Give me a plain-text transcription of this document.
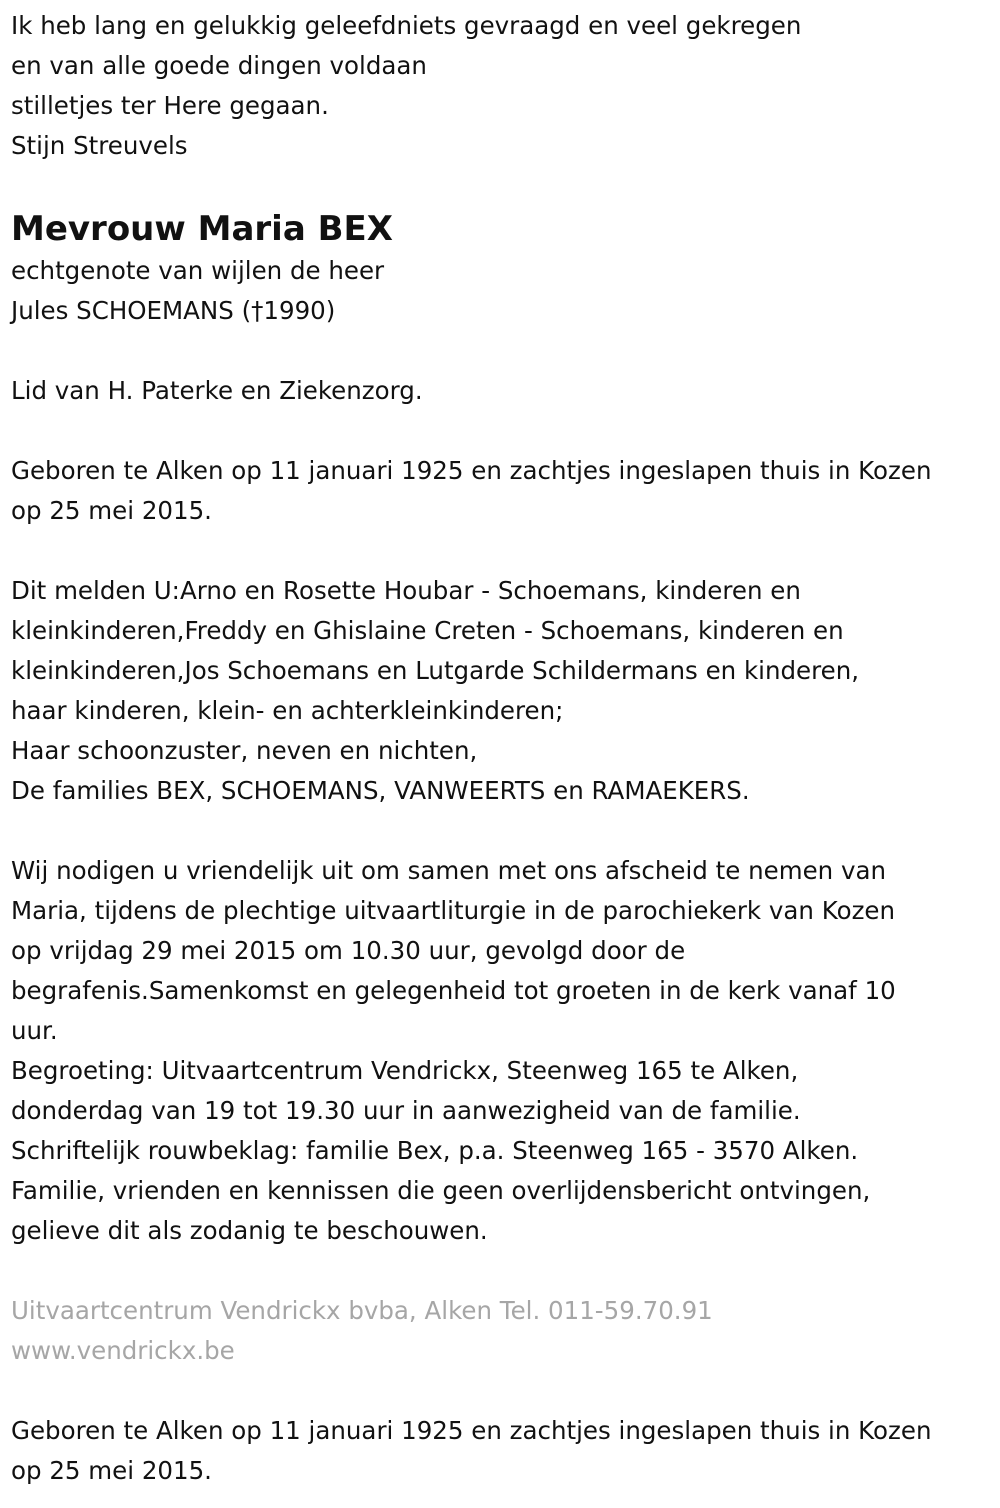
Ik heb lang en gelukkig geleefdniets gevraagd en veel gekregen
en van alle goede dingen voldaan
stilletjes ter Here gegaan.
Stijn Streuvels
Mevrouw Maria BEX
echtgenote van wijlen de heer
Jules SCHOEMANS (†1990)
Lid van H. Paterke en Ziekenzorg.
Geboren te Alken op 11 januari 1925 en zachtjes ingeslapen thuis in Kozen
op 25 mei 2015.
Dit melden U:Arno en Rosette Houbar - Schoemans, kinderen en
kleinkinderen,Freddy en Ghislaine Creten - Schoemans, kinderen en
kleinkinderen,Jos Schoemans en Lutgarde Schildermans en kinderen,
haar kinderen, klein- en achterkleinkinderen;
Haar schoonzuster, neven en nichten,
De families BEX, SCHOEMANS, VANWEERTS en RAMAEKERS.
Wij nodigen u vriendelijk uit om samen met ons afscheid te nemen van
Maria, tijdens de plechtige uitvaartliturgie in de parochiekerk van Kozen
op vrijdag 29 mei 2015 om 10.30 uur, gevolgd door de
begrafenis.Samenkomst en gelegenheid tot groeten in de kerk vanaf 10
uur.
Begroeting: Uitvaartcentrum Vendrickx, Steenweg 165 te Alken,
donderdag van 19 tot 19.30 uur in aanwezigheid van de familie.
Schriftelijk rouwbeklag: familie Bex, p.a. Steenweg 165 - 3570 Alken.
Familie, vrienden en kennissen die geen overlijdensbericht ontvingen,
gelieve dit als zodanig te beschouwen.
Uitvaartcentrum Vendrickx bvba, Alken Tel. 011-59.70.91
www.vendrickx.be
Geboren te Alken op 11 januari 1925 en zachtjes ingeslapen thuis in Kozen
op 25 mei 2015.
